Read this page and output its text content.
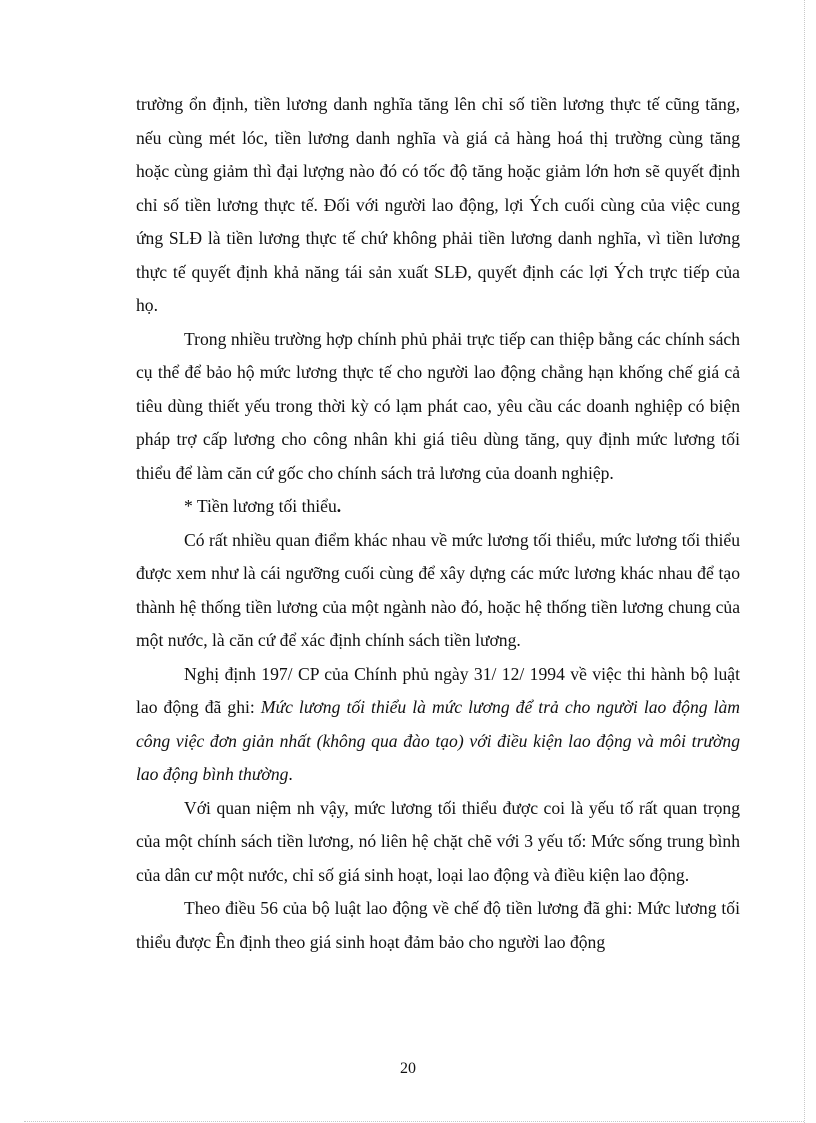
trường ổn định, tiền lương danh nghĩa tăng lên chỉ số tiền lương thực tế cũng tăng, nếu cùng mét lóc, tiền lương danh nghĩa và giá cả hàng hoá thị trường cùng tăng hoặc cùng giảm thì đại lượng nào đó có tốc độ tăng hoặc giảm lớn hơn sẽ quyết định chỉ số tiền lương thực tế. Đối với người lao động, lợi Ých cuối cùng của việc cung ứng SLĐ là tiền lương thực tế chứ không phải tiền lương danh nghĩa, vì tiền lương thực tế quyết định khả năng tái sản xuất SLĐ, quyết định các lợi Ých trực tiếp của họ.

Trong nhiều trường hợp chính phủ phải trực tiếp can thiệp bằng các chính sách cụ thể để bảo hộ mức lương thực tế cho người lao động chẳng hạn khống chế giá cả tiêu dùng thiết yếu trong thời kỳ có lạm phát cao, yêu cầu các doanh nghiệp có biện pháp trợ cấp lương cho công nhân khi giá tiêu dùng tăng, quy định mức lương tối thiểu để làm căn cứ gốc cho chính sách trả lương của doanh nghiệp.

* Tiền lương tối thiểu.

Có rất nhiều quan điểm khác nhau về mức lương tối thiểu, mức lương tối thiểu được xem như là cái ngưỡng cuối cùng để xây dựng các mức lương khác nhau để tạo thành hệ thống tiền lương của một ngành nào đó, hoặc hệ thống tiền lương chung của một nước, là căn cứ để xác định chính sách tiền lương.

Nghị định 197/ CP của Chính phủ ngày 31/ 12/ 1994 về việc thi hành bộ luật lao động đã ghi: Mức lương tối thiểu là mức lương để trả cho người lao động làm công việc đơn giản nhất (không qua đào tạo) với điều kiện lao động và môi trường lao động bình thường.

Với quan niệm nh vậy, mức lương tối thiểu được coi là yếu tố rất quan trọng của một chính sách tiền lương, nó liên hệ chặt chẽ với 3 yếu tố: Mức sống trung bình của dân cư một nước, chỉ số giá sinh hoạt, loại lao động và điều kiện lao động.

Theo điều 56 của bộ luật lao động về chế độ tiền lương đã ghi: Mức lương tối thiểu được Ên định theo giá sinh hoạt đảm bảo cho người lao động

20
